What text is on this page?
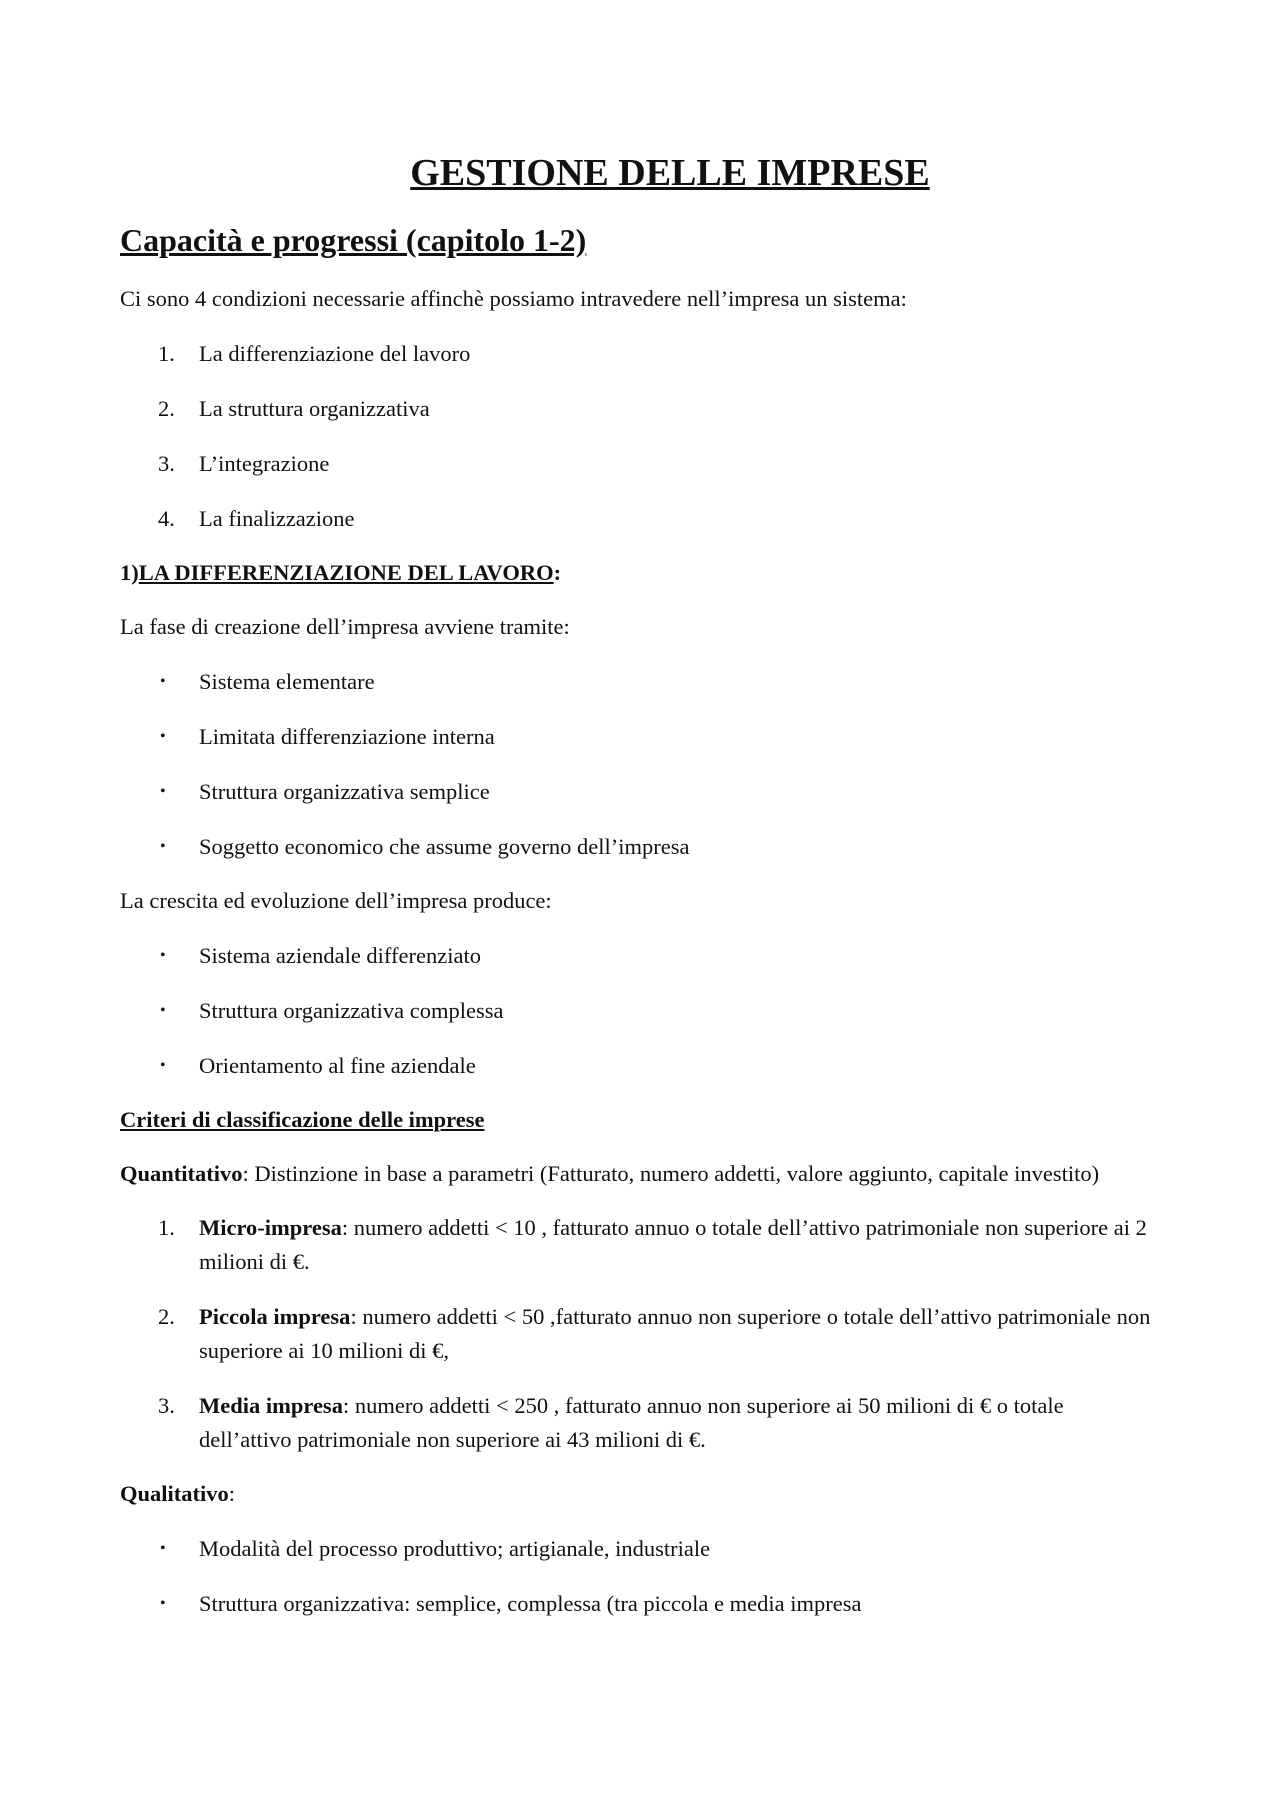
GESTIONE DELLE IMPRESE
Capacità e progressi (capitolo 1-2)

Ci sono 4 condizioni necessarie affinchè possiamo intravedere nell’impresa un sistema:

1.	La differenziazione del lavoro
2.	La struttura organizzativa
3.	L’integrazione
4.	La finalizzazione

1)LA DIFFERENZIAZIONE DEL LAVORO:

La fase di creazione dell’impresa avviene tramite:

•	Sistema elementare
•	Limitata differenziazione interna
•	Struttura organizzativa semplice
•	Soggetto economico che assume governo dell’impresa

La crescita ed evoluzione dell’impresa produce:

•	Sistema aziendale differenziato
•	Struttura organizzativa complessa
•	Orientamento al fine aziendale

Criteri di classificazione delle imprese

Quantitativo: Distinzione in base a parametri (Fatturato, numero addetti, valore aggiunto, capitale investito)

1.	Micro-impresa: numero addetti < 10 , fatturato annuo o totale dell’attivo patrimoniale non superiore ai 2 milioni di €.
2.	Piccola impresa: numero addetti < 50 ,fatturato annuo non superiore o totale dell’attivo patrimoniale non superiore ai 10 milioni di €,
3.	Media impresa: numero addetti < 250 , fatturato annuo non superiore ai 50 milioni di € o totale dell’attivo patrimoniale non superiore ai 43 milioni di €.

Qualitativo:

•	Modalità del processo produttivo; artigianale, industriale
•	Struttura organizzativa: semplice, complessa (tra piccola e media impresa
